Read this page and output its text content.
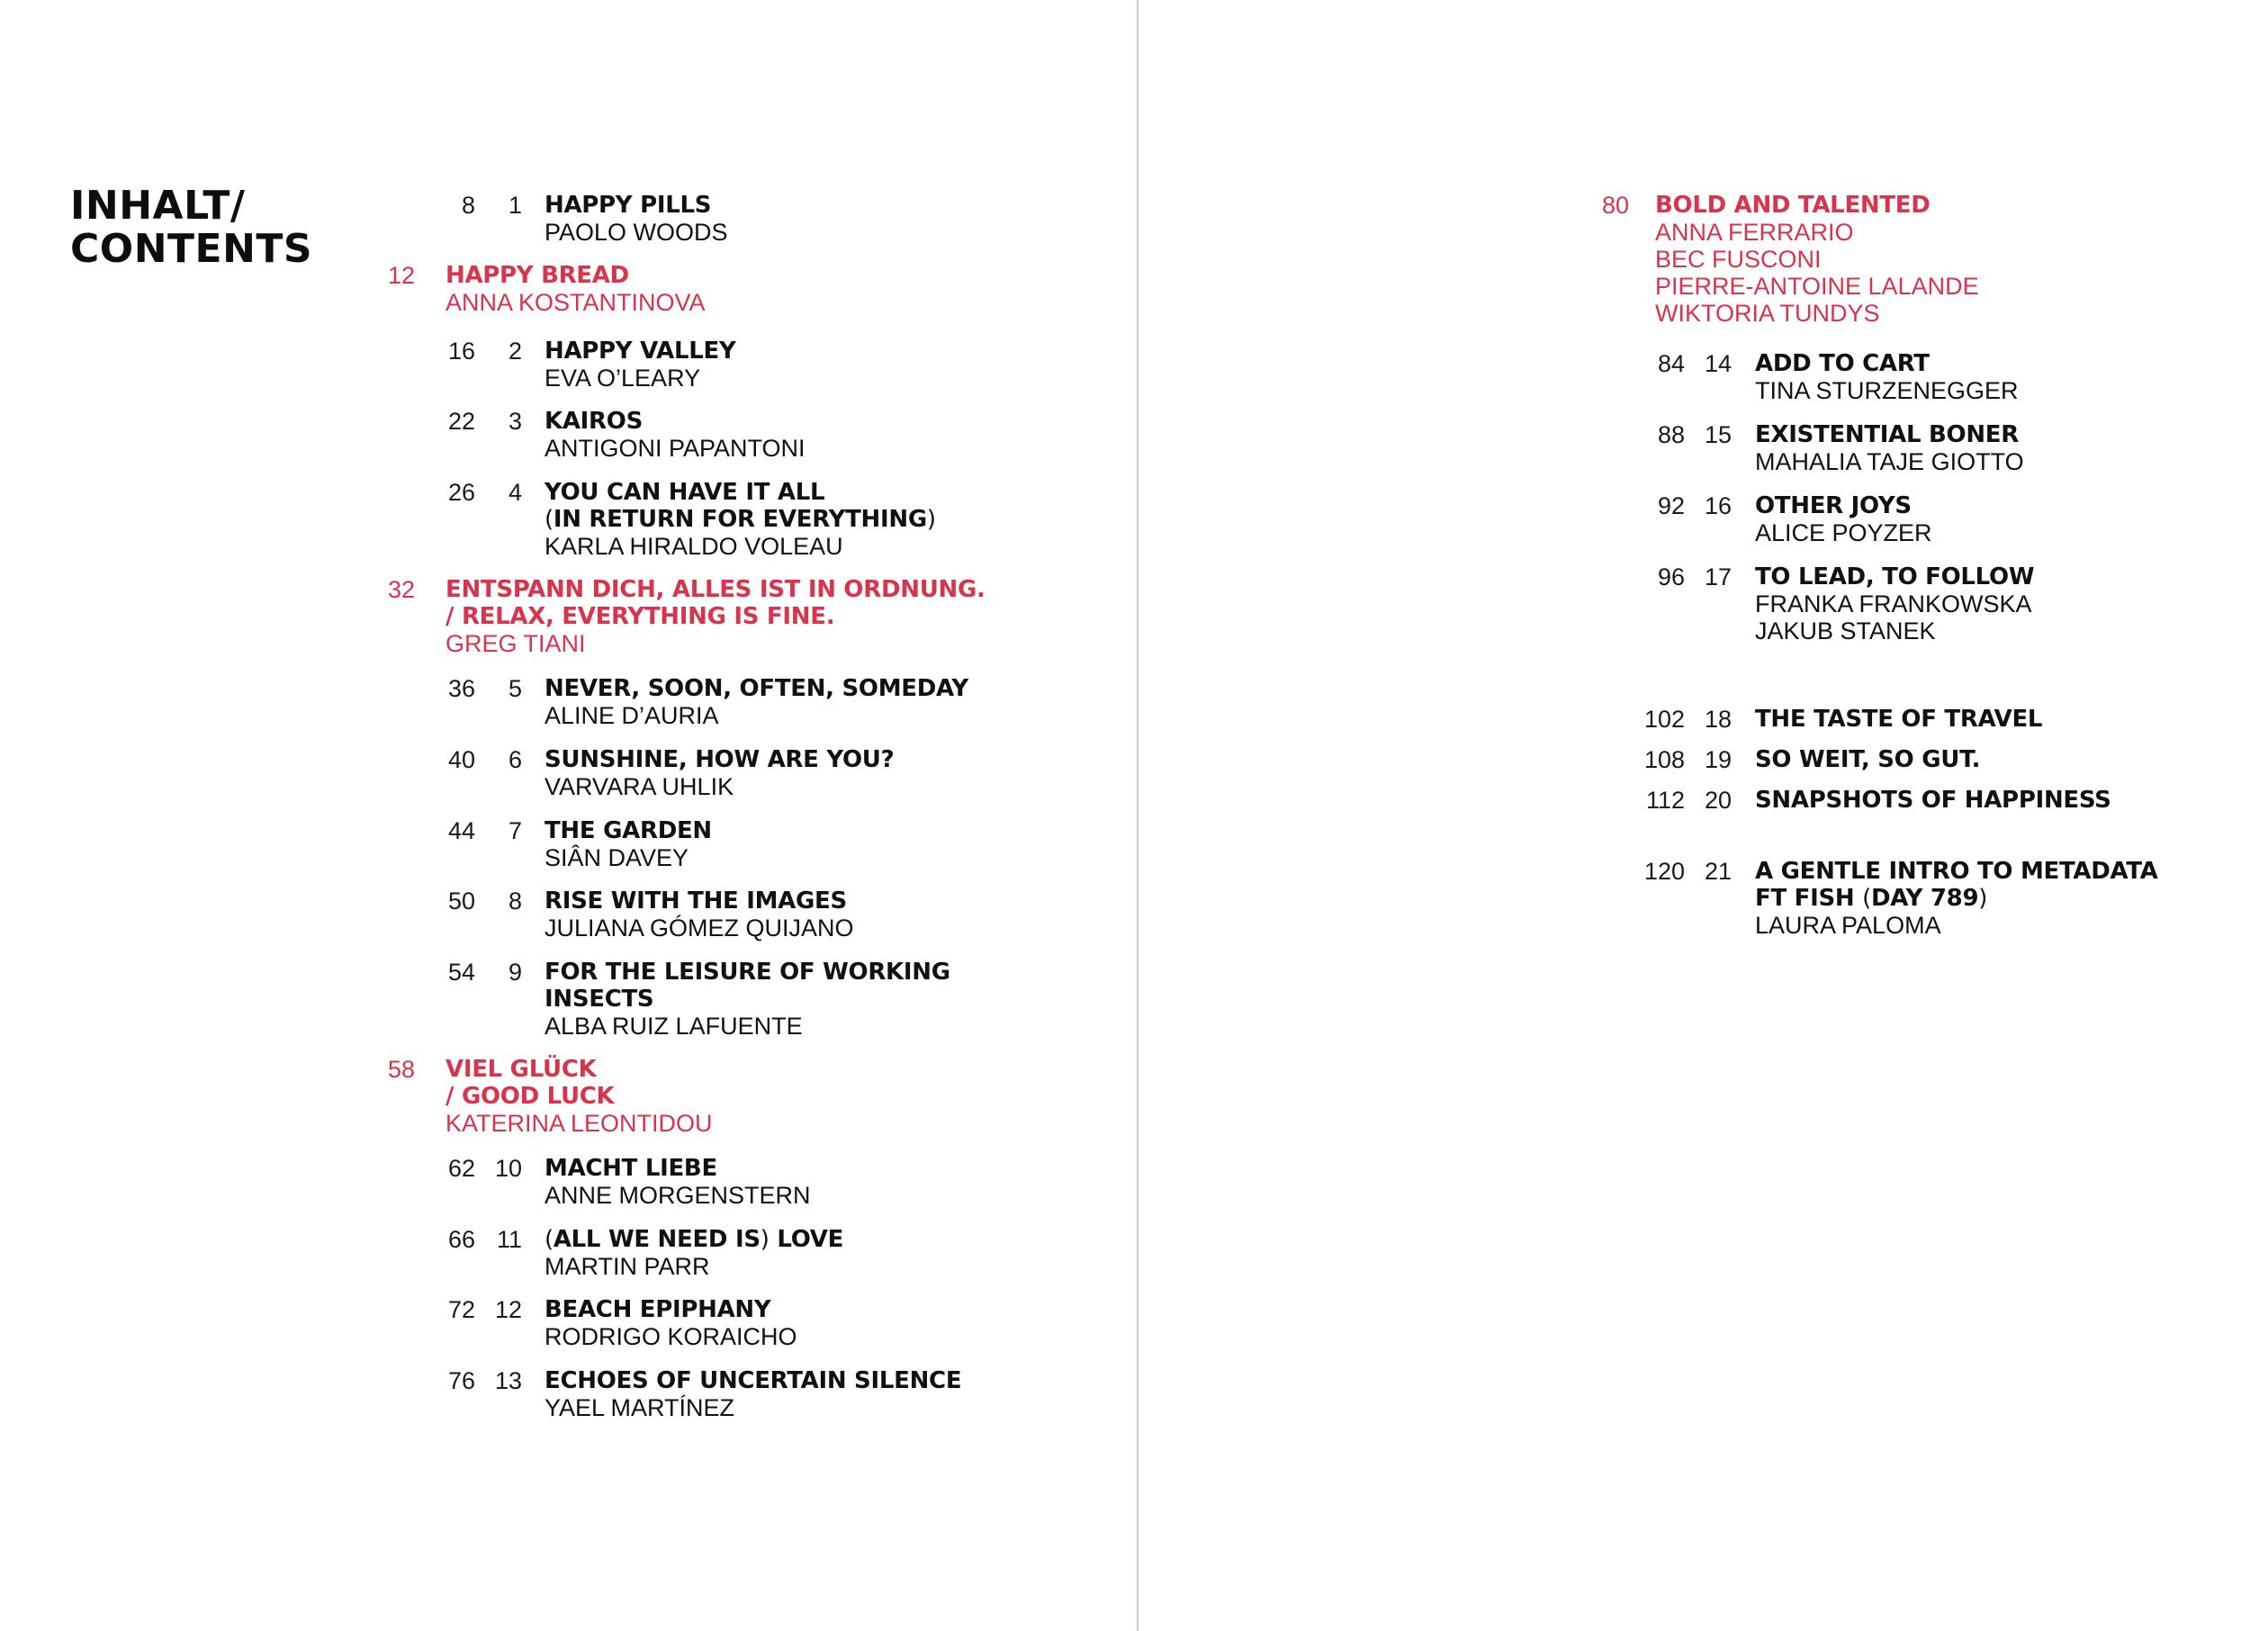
INHALT/
CONTENTS
8	1 HAPPY PILLS
PAOLO WOODS
12 HAPPY BREAD
ANNA KOSTANTINOVA
16	2 HAPPY VALLEY
EVA O’LEARY
22	3 KAIROS
ANTIGONI PAPANTONI
26	4 YOU CAN HAVE IT ALL
(IN RETURN FOR EVERYTHING)
KARLA HIRALDO VOLEAU
32 ENTSPANN DICH, ALLES IST IN ORDNUNG.
/ RELAX, EVERYTHING IS FINE.
GREG TIANI
36	5 NEVER, SOON, OFTEN, SOMEDAY
ALINE D’AURIA
40	6 SUNSHINE, HOW ARE YOU?
VARVARA UHLIK
44	7 THE GARDEN
SIÂN DAVEY
50	8 RISE WITH THE IMAGES
JULIANA GÓMEZ QUIJANO
54	9 FOR THE LEISURE OF WORKING
INSECTS
ALBA RUIZ LAFUENTE
58 VIEL GLÜCK
/ GOOD LUCK
KATERINA LEONTIDOU
62 10 MACHT LIEBE
ANNE MORGENSTERN
66 11 (ALL WE NEED IS) LOVE
MARTIN PARR
72 12 BEACH EPIPHANY
RODRIGO KORAICHO
76 13 ECHOES OF UNCERTAIN SILENCE
YAEL MARTÍNEZ
80 BOLD AND TALENTED
ANNA FERRARIO
BEC FUSCONI
PIERRE-ANTOINE LALANDE
WIKTORIA TUNDYS
84 14 ADD TO CART
TINA STURZENEGGER
88 15 EXISTENTIAL BONER
MAHALIA TAJE GIOTTO
92 16 OTHER JOYS
ALICE POYZER
96 17 TO LEAD, TO FOLLOW
FRANKA FRANKOWSKA
JAKUB STANEK
102 18 THE TASTE OF TRAVEL
108 19 SO WEIT, SO GUT.
112 20 SNAPSHOTS OF HAPPINESS
120 21 A GENTLE INTRO TO METADATA
FT FISH (DAY 789)
LAURA PALOMA
